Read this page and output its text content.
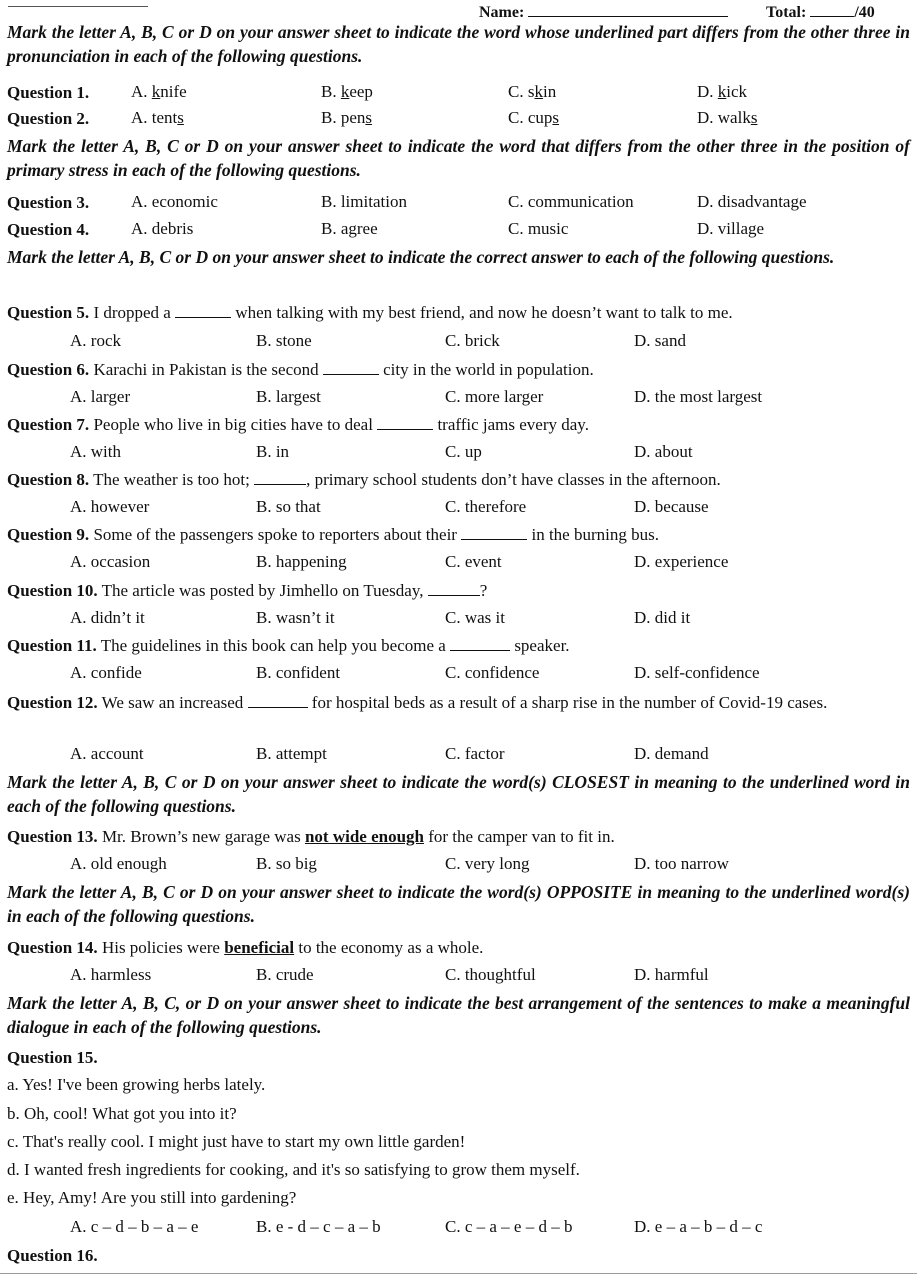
Name:	Total:	/40
Mark the letter A, B, C or D on your answer sheet to indicate the word whose underlined part differs from the other three in pronunciation in each of the following questions.
Question 1.	A. knife	B. keep	C. skin	D. kick
Question 2.	A. tents	B. pens	C. cups	D. walks
Mark the letter A, B, C or D on your answer sheet to indicate the word that differs from the other three in the position of primary stress in each of the following questions.
Question 3.	A. economic	B. limitation	C. communication	D. disadvantage
Question 4.	A. debris	B. agree	C. music	D. village
Mark the letter A, B, C or D on your answer sheet to indicate the correct answer to each of the following questions.
Question 5. I dropped a	when talking with my best friend, and now he doesn’t want to talk to me.
A. rock	B. stone	C. brick	D. sand
Question 6. Karachi in Pakistan is the second	city in the world in population.
A. larger	B. largest	C. more larger	D. the most largest
Question 7. People who live in big cities have to deal	traffic jams every day.
A. with	B. in	C. up	D. about
Question 8. The weather is too hot;	, primary school students don’t have classes in the afternoon.
A. however	B. so that	C. therefore	D. because
Question 9. Some of the passengers spoke to reporters about their	in the burning bus.
A. occasion	B. happening	C. event	D. experience
Question 10. The article was posted by Jimhello on Tuesday,	?
A. didn’t it	B. wasn’t it	C. was it	D. did it
Question 11. The guidelines in this book can help you become a	speaker.
A. confide	B. confident	C. confidence	D. self-confidence
Question 12. We saw an increased	for hospital beds as a result of a sharp rise in the number of Covid-19 cases.
A. account	B. attempt	C. factor	D. demand
Mark the letter A, B, C or D on your answer sheet to indicate the word(s) CLOSEST in meaning to the underlined word in each of the following questions.
Question 13. Mr. Brown’s new garage was not wide enough for the camper van to fit in.
A. old enough	B. so big	C. very long	D. too narrow
Mark the letter A, B, C or D on your answer sheet to indicate the word(s) OPPOSITE in meaning to the underlined word(s) in each of the following questions.
Question 14. His policies were beneficial to the economy as a whole.
A. harmless	B. crude	C. thoughtful	D. harmful
Mark the letter A, B, C, or D on your answer sheet to indicate the best arrangement of the sentences to make a meaningful dialogue in each of the following questions.
Question 15.
a. Yes! I've been growing herbs lately.
b. Oh, cool! What got you into it?
c. That's really cool. I might just have to start my own little garden!
d. I wanted fresh ingredients for cooking, and it's so satisfying to grow them myself.
e. Hey, Amy! Are you still into gardening?
A. c – d – b – a – e	B. e - d – c – a – b	C. c – a – e – d – b	D. e – a – b – d – c
Question 16.
